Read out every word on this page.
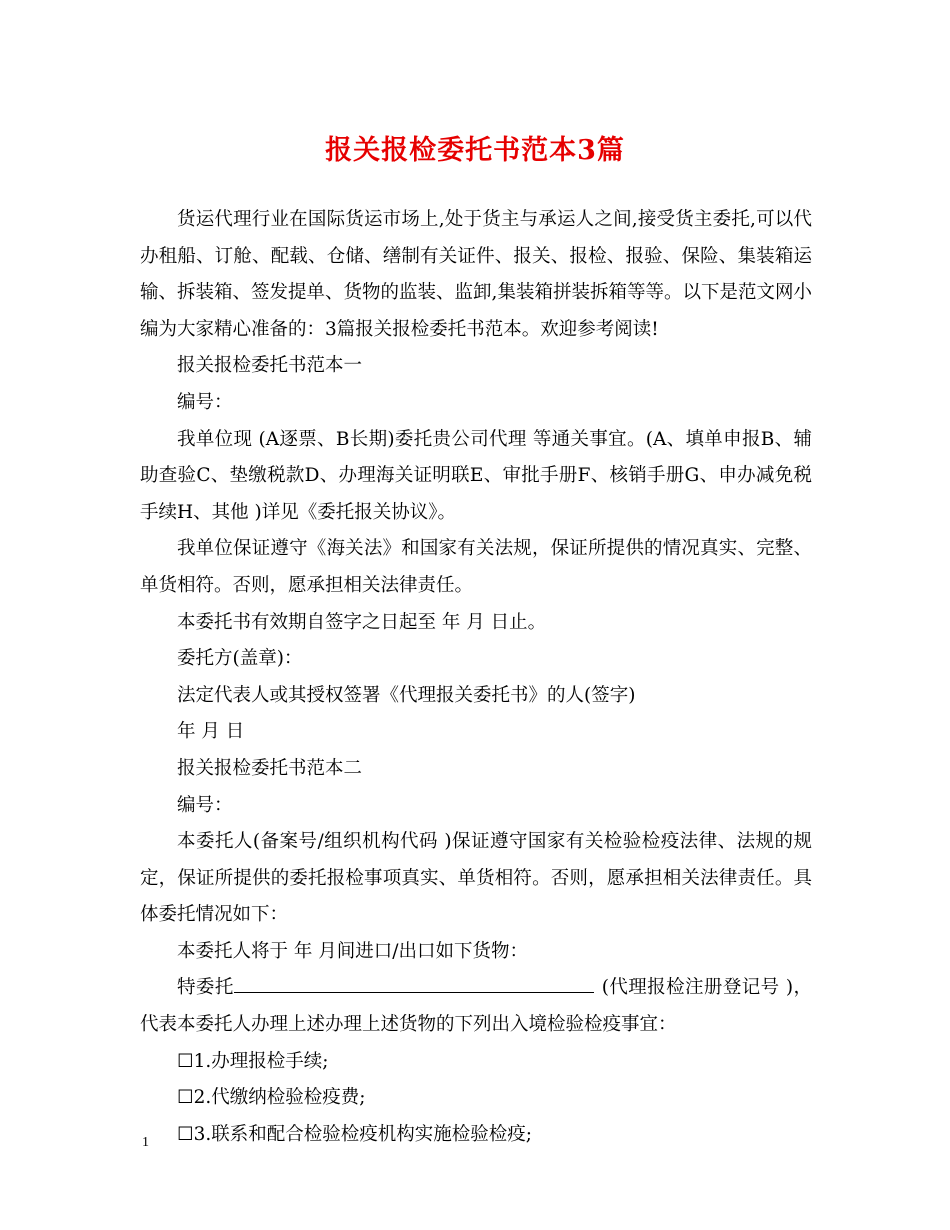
报关报检委托书范本3篇

货运代理行业在国际货运市场上,处于货主与承运人之间,接受货主委托,可以代办租船、订舱、配载、仓储、缮制有关证件、报关、报检、报验、保险、集装箱运输、拆装箱、签发提单、货物的监装、监卸,集装箱拼装拆箱等等。以下是范文网小编为大家精心准备的：3篇报关报检委托书范本。欢迎参考阅读!

报关报检委托书范本一

编号：

我单位现 (A逐票、B长期)委托贵公司代理 等通关事宜。(A、填单申报B、辅助查验C、垫缴税款D、办理海关证明联E、审批手册F、核销手册G、申办减免税手续H、其他 )详见《委托报关协议》。

我单位保证遵守《海关法》和国家有关法规，保证所提供的情况真实、完整、单货相符。否则，愿承担相关法律责任。

本委托书有效期自签字之日起至 年 月 日止。

委托方(盖章)：

法定代表人或其授权签署《代理报关委托书》的人(签字)

年 月 日

报关报检委托书范本二

编号：

本委托人(备案号/组织机构代码 )保证遵守国家有关检验检疫法律、法规的规定，保证所提供的委托报检事项真实、单货相符。否则，愿承担相关法律责任。具体委托情况如下：

本委托人将于 年 月间进口/出口如下货物：

特委托	(代理报检注册登记号 )，代表本委托人办理上述办理上述货物的下列出入境检验检疫事宜：

☐1.办理报检手续;

☐2.代缴纳检验检疫费;

☐3.联系和配合检验检疫机构实施检验检疫;

1
